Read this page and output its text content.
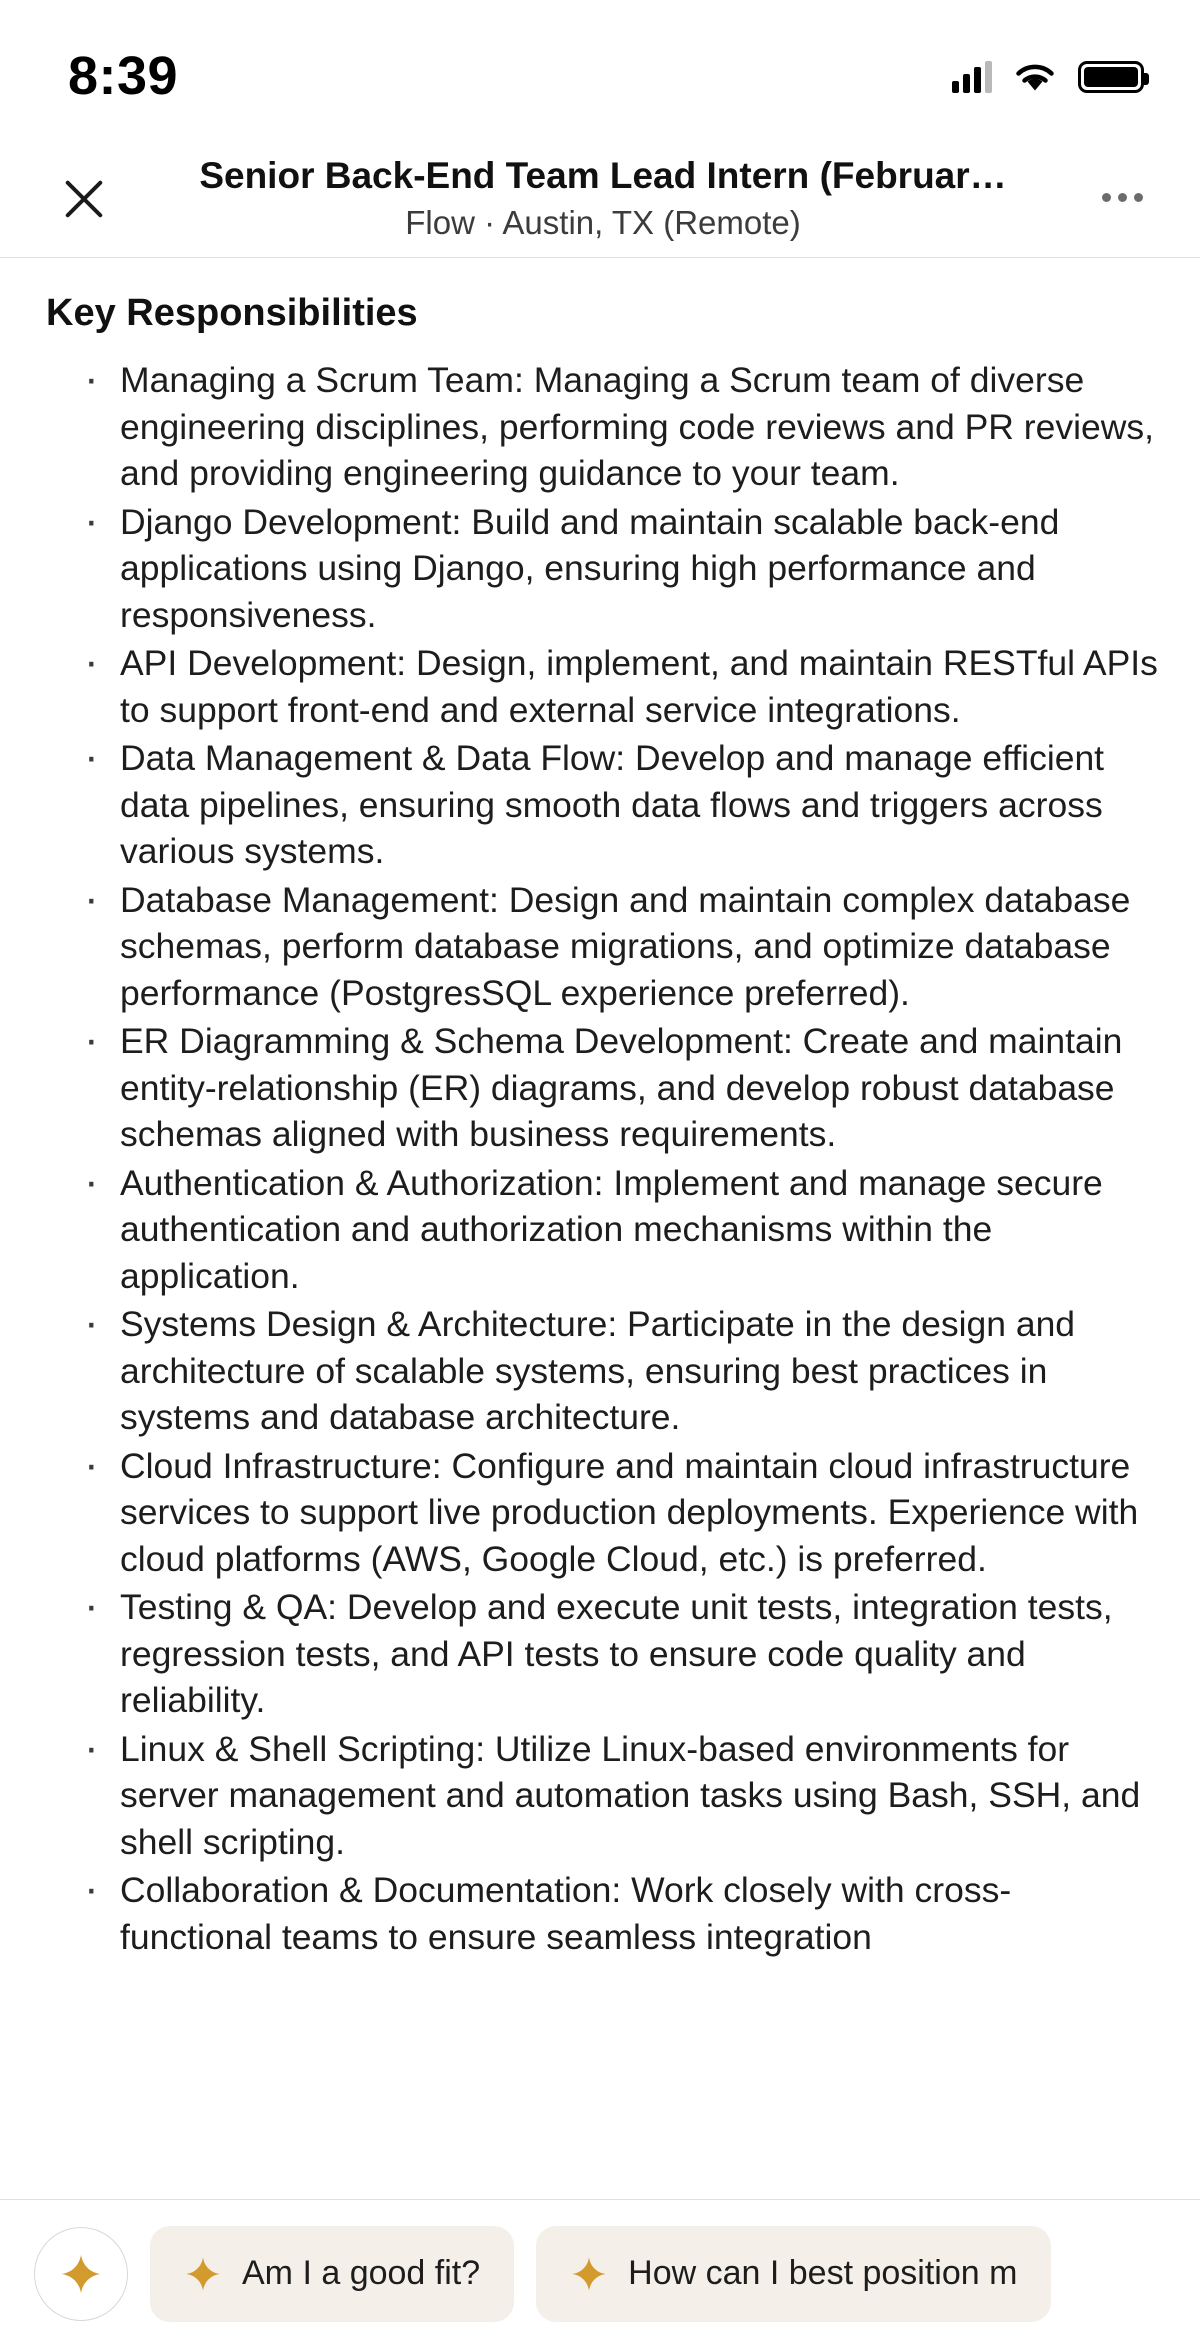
8:39
Senior Back-End Team Lead Intern (Februar…
Flow · Austin, TX (Remote)
Key Responsibilities
· Managing a Scrum Team: Managing a Scrum team of diverse engineering disciplines, performing code reviews and PR reviews, and providing engineering guidance to your team.
· Django Development: Build and maintain scalable back-end applications using Django, ensuring high performance and responsiveness.
· API Development: Design, implement, and maintain RESTful APIs to support front-end and external service integrations.
· Data Management & Data Flow: Develop and manage efficient data pipelines, ensuring smooth data flows and triggers across various systems.
· Database Management: Design and maintain complex database schemas, perform database migrations, and optimize database performance (PostgresSQL experience preferred).
· ER Diagramming & Schema Development: Create and maintain entity-relationship (ER) diagrams, and develop robust database schemas aligned with business requirements.
· Authentication & Authorization: Implement and manage secure authentication and authorization mechanisms within the application.
· Systems Design & Architecture: Participate in the design and architecture of scalable systems, ensuring best practices in systems and database architecture.
· Cloud Infrastructure: Configure and maintain cloud infrastructure services to support live production deployments. Experience with cloud platforms (AWS, Google Cloud, etc.) is preferred.
· Testing & QA: Develop and execute unit tests, integration tests, regression tests, and API tests to ensure code quality and reliability.
· Linux & Shell Scripting: Utilize Linux-based environments for server management and automation tasks using Bash, SSH, and shell scripting.
· Collaboration & Documentation: Work closely with cross-functional teams to ensure seamless integration
Am I a good fit?	How can I best position m
